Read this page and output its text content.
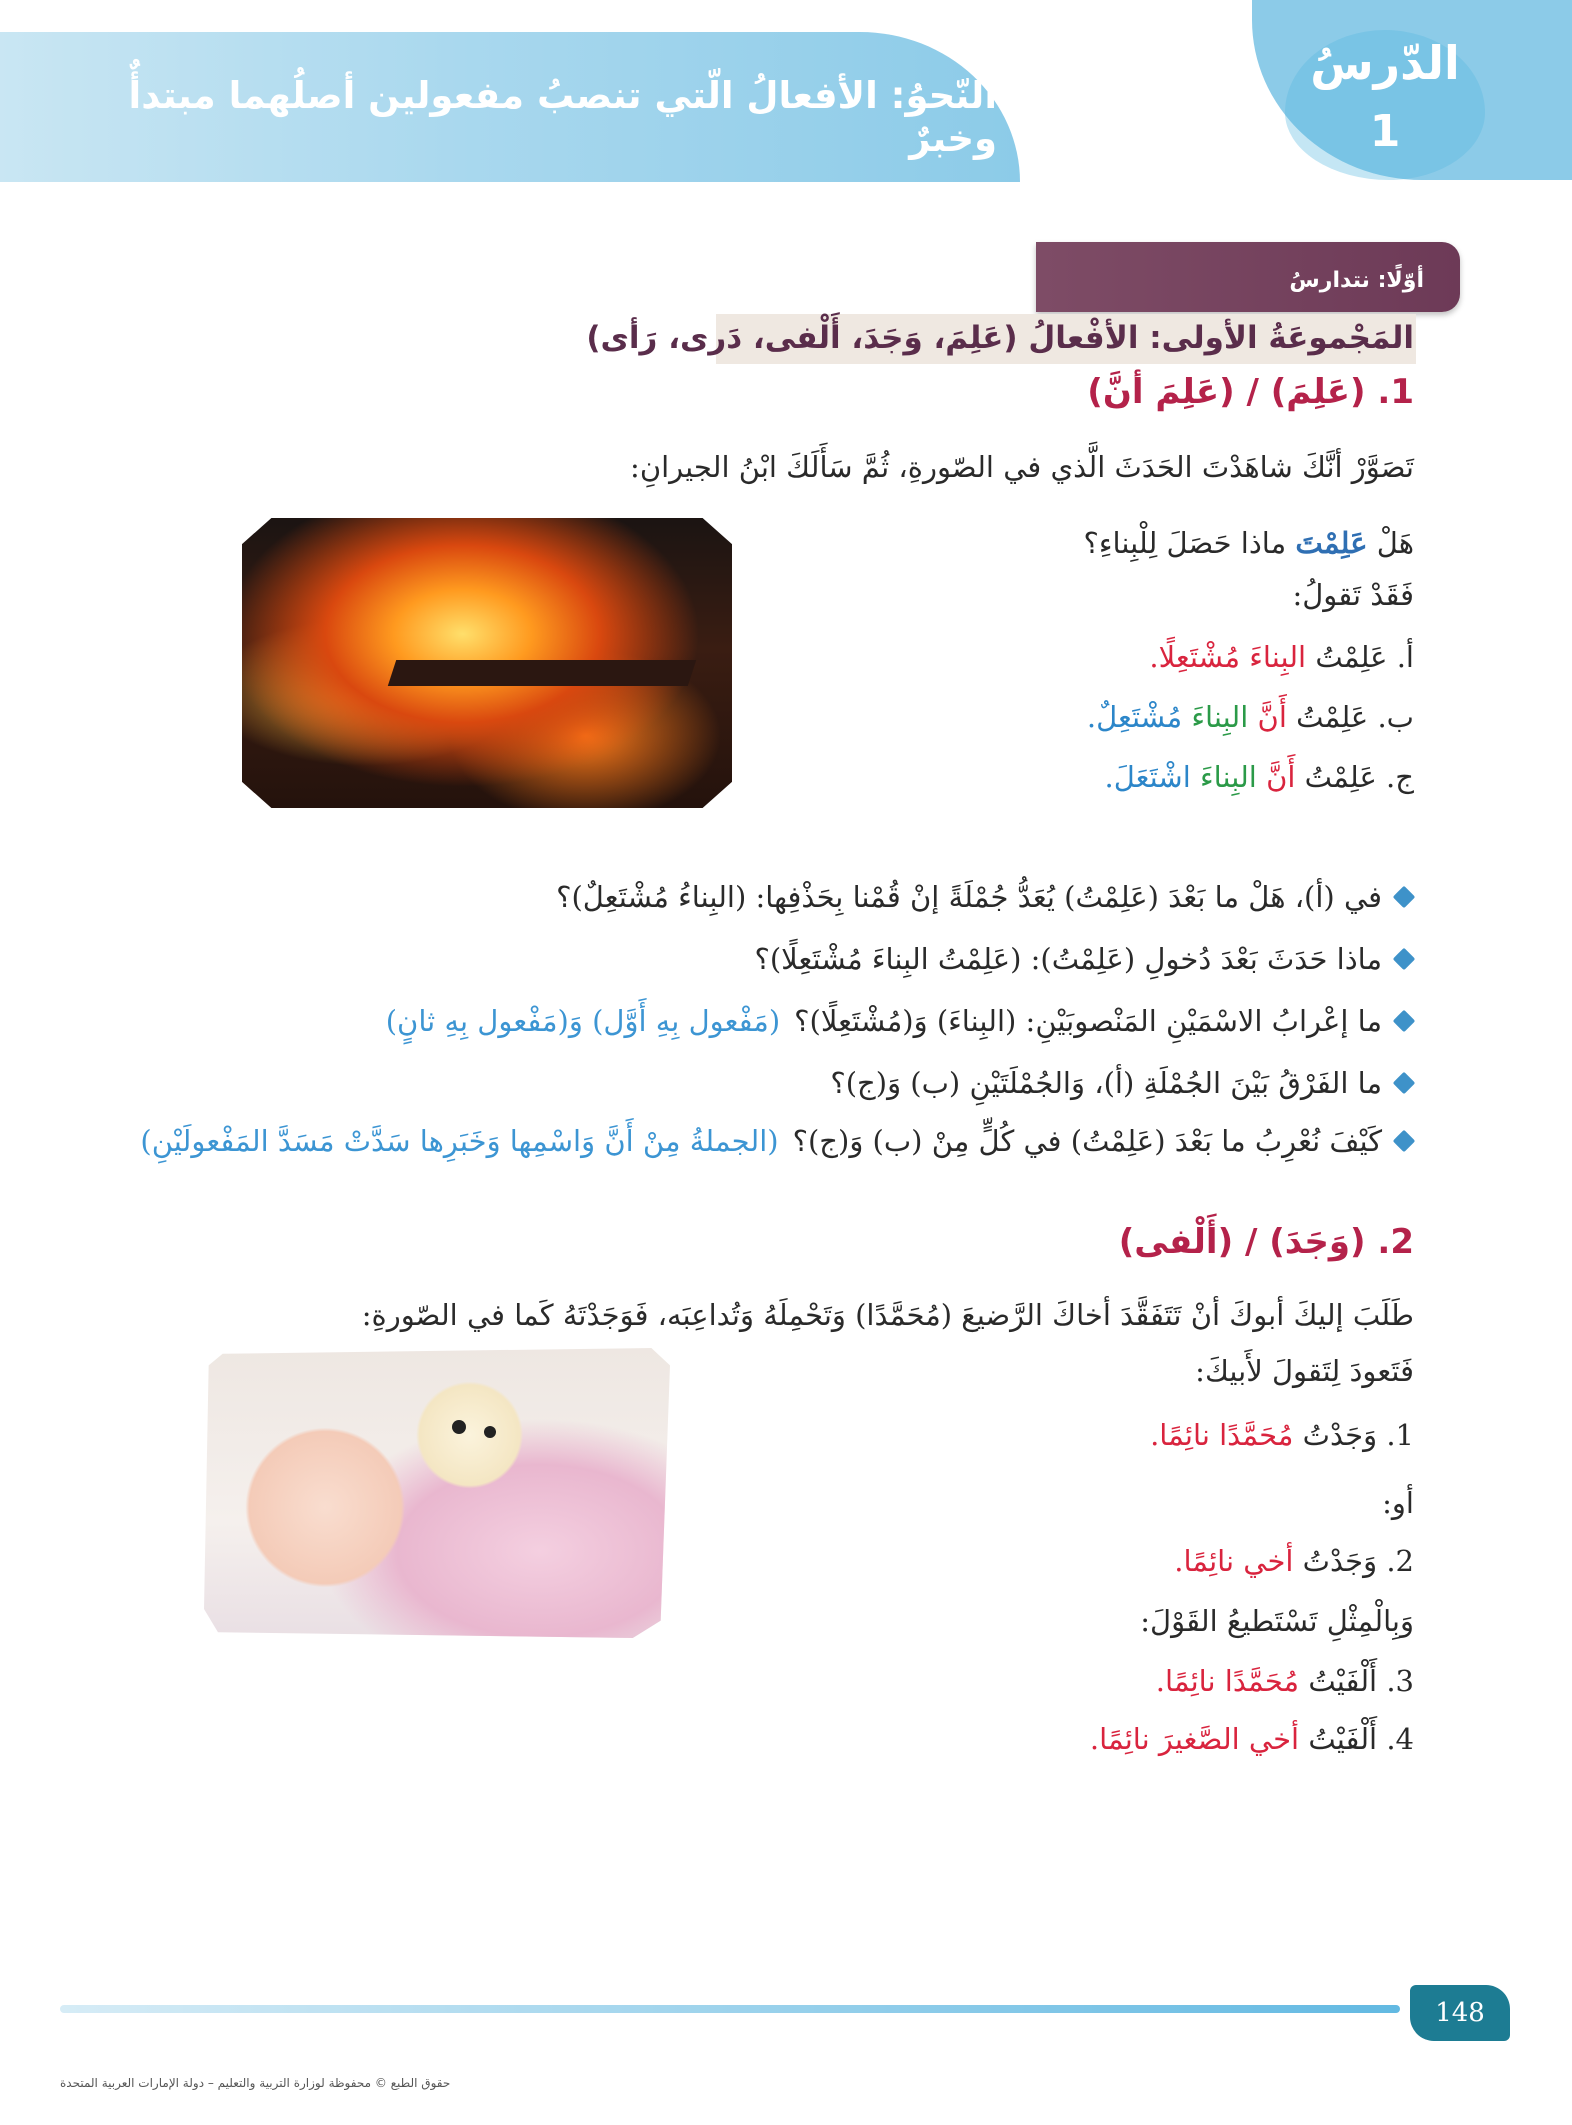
النّحوُ: الأفعالُ الّتي تنصبُ مفعولين أصلُهما مبتدأٌ وخبرٌ
الدّرسُ
1
أوّلًا: نتدارسُ
المَجْموعَةُ الأولى: الأفْعالُ (عَلِمَ، وَجَدَ، أَلْفى، دَرى، رَأى)
1. (عَلِمَ) / (عَلِمَ أنَّ)
تَصَوَّرْ أنَّكَ شاهَدْتَ الحَدَثَ الَّذي في الصّورةِ، ثُمَّ سَأَلَكَ ابْنُ الجيرانِ:
هَلْ عَلِمْتَ ماذا حَصَلَ لِلْبِناءِ؟
فَقَدْ تَقولُ:
أ. عَلِمْتُ البِناءَ مُشْتَعِلًا.
ب. عَلِمْتُ أَنَّ البِناءَ مُشْتَعِلٌ.
ج. عَلِمْتُ أَنَّ البِناءَ اشْتَعَلَ.
في (أ)، هَلْ ما بَعْدَ (عَلِمْتُ) يُعَدُّ جُمْلَةً إنْ قُمْنا بِحَذْفِها: (البِناءُ مُشْتَعِلٌ)؟
ماذا حَدَثَ بَعْدَ دُخولِ (عَلِمْتُ): (عَلِمْتُ البِناءَ مُشْتَعِلًا)؟
ما إعْرابُ الاسْمَيْنِ المَنْصوبَيْنِ: (البِناءَ) وَ(مُشْتَعِلًا)؟
(مَفْعول بِهِ أَوَّل) وَ(مَفْعول بِهِ ثانٍ)
ما الفَرْقُ بَيْنَ الجُمْلَةِ (أ)، وَالجُمْلَتَيْنِ (ب) وَ(ج)؟
كَيْفَ نُعْرِبُ ما بَعْدَ (عَلِمْتُ) في كُلٍّ مِنْ (ب) وَ(ج)؟
(الجملةُ مِنْ أَنَّ وَاسْمِها وَخَبَرِها سَدَّتْ مَسَدَّ المَفْعولَيْنِ)
2. (وَجَدَ) / (أَلْفى)
طَلَبَ إليكَ أبوكَ أنْ تَتَفَقَّدَ أخاكَ الرَّضيعَ (مُحَمَّدًا) وَتَحْمِلَهُ وَتُداعِبَه، فَوَجَدْتَهُ كَما في الصّورةِ:
فَتَعودَ لِتَقولَ لأَبيكَ:
1. وَجَدْتُ مُحَمَّدًا نائِمًا.
أو:
2. وَجَدْتُ أخي نائِمًا.
وَبِالْمِثْلِ تَسْتَطيعُ القَوْلَ:
3. أَلْفَيْتُ مُحَمَّدًا نائِمًا.
4. أَلْفَيْتُ أخي الصَّغيرَ نائِمًا.
148
حقوق الطبع © محفوظة لوزارة التربية والتعليم – دولة الإمارات العربية المتحدة
